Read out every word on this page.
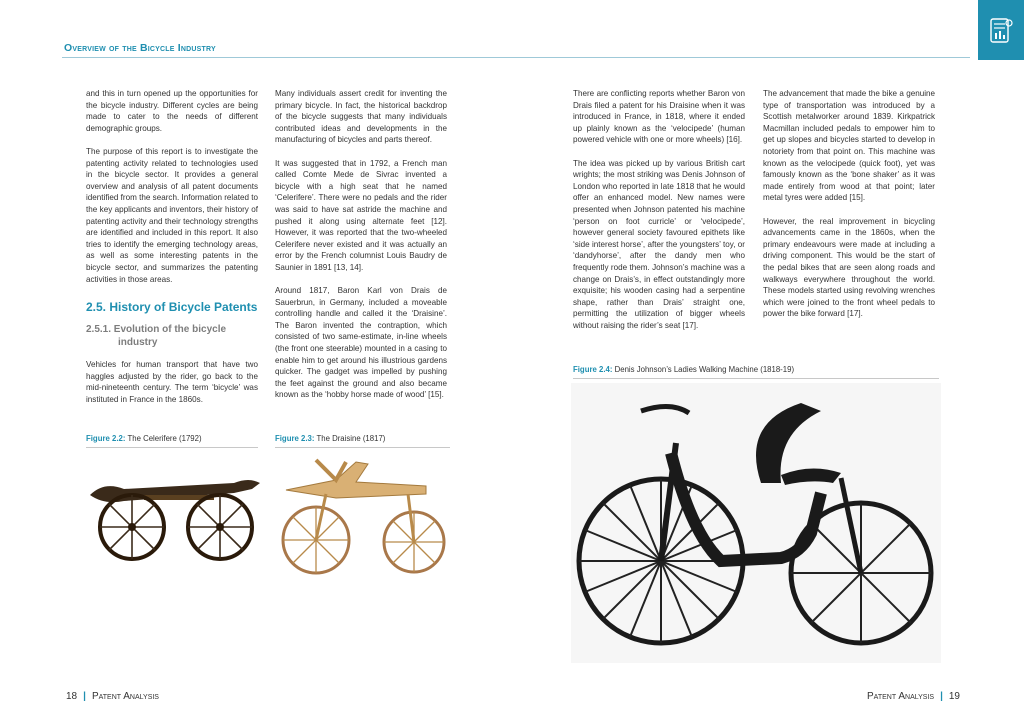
Overview of the Bicycle Industry

and this in turn opened up the opportunities for the bicycle industry. Different cycles are being made to cater to the needs of different demographic groups.

The purpose of this report is to investigate the patenting activity related to technologies used in the bicycle sector. It provides a general overview and analysis of all patent documents identified from the search. Information related to the key applicants and inventors, their history of patenting activity and their technology strengths are identified and included in this report. It also tries to identify the emerging technology areas, as well as some interesting patents in the bicycle sector, and summarizes the patenting activities in those areas.

2.5. History of Bicycle Patents
2.5.1. Evolution of the bicycle industry

Vehicles for human transport that have two haggles adjusted by the rider, go back to the mid-nineteenth century. The term ‘bicycle’ was instituted in France in the 1860s.

Many individuals assert credit for inventing the primary bicycle. In fact, the historical backdrop of the bicycle suggests that many individuals contributed ideas and developments in the manufacturing of bicycles and parts thereof.

It was suggested that in 1792, a French man called Comte Mede de Sivrac invented a bicycle with a high seat that he named ‘Celerifere’. There were no pedals and the rider was said to have sat astride the machine and pushed it along using alternate feet [12]. However, it was reported that the two-wheeled Celerifere never existed and it was actually an error by the French columnist Louis Baudry de Saunier in 1891 [13, 14].

Around 1817, Baron Karl von Drais de Sauerbrun, in Germany, included a moveable controlling handle and called it the ‘Draisine’. The Baron invented the contraption, which consisted of two same-estimate, in-line wheels (the front one steerable) mounted in a casing to enable him to get around his illustrious gardens quicker. The gadget was impelled by pushing the feet against the ground and also became known as the ‘hobby horse made of wood’ [15].

There are conflicting reports whether Baron von Drais filed a patent for his Draisine when it was introduced in France, in 1818, where it ended up plainly known as the ‘velocipede’ (human powered vehicle with one or more wheels) [16].

The idea was picked up by various British cart wrights; the most striking was Denis Johnson of London who reported in late 1818 that he would offer an enhanced model. New names were presented when Johnson patented his machine ‘person on foot curricle’ or ‘velocipede’, however general society favoured epithets like ‘side interest horse’, after the youngsters’ toy, or ‘dandyhorse’, after the dandy men who frequently rode them. Johnson’s machine was a change on Drais’s, in effect outstandingly more exquisite; his wooden casing had a serpentine shape, rather than Drais’ straight one, permitting the utilization of bigger wheels without raising the rider’s seat [17].

The advancement that made the bike a genuine type of transportation was introduced by a Scottish metalworker around 1839. Kirkpatrick Macmillan included pedals to empower him to get up slopes and bicycles started to develop in notoriety from that point on. This machine was known as the velocipede (quick foot), yet was famously known as the ‘bone shaker’ as it was made entirely from wood at that point; later metal tyres were added [15].

However, the real improvement in bicycling advancements came in the 1860s, when the primary endeavours were made at including a driving component. This would be the start of the pedal bikes that are seen along roads and walkways everywhere throughout the world. These models started using revolving wrenches which were joined to the front wheel pedals to power the bike forward [17].

Figure 2.2: The Celerifere (1792)	Figure 2.3: The Draisine (1817)
Figure 2.4: Denis Johnson’s Ladies Walking Machine (1818-19)
18 | Patent Analysis	Patent Analysis | 19
